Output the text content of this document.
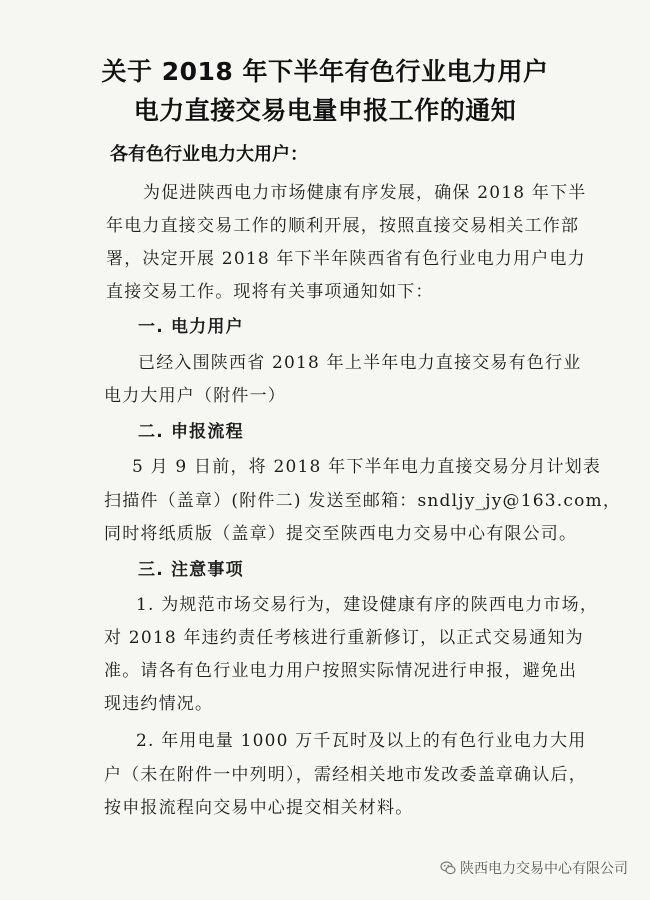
关于 2018 年下半年有色行业电力用户
电力直接交易电量申报工作的通知
各有色行业电力大用户：
为促进陕西电力市场健康有序发展，确保 2018 年下半
年电力直接交易工作的顺利开展，按照直接交易相关工作部
署，决定开展 2018 年下半年陕西省有色行业电力用户电力
直接交易工作。现将有关事项通知如下：
一. 电力用户
已经入围陕西省 2018 年上半年电力直接交易有色行业
电力大用户（附件一）
二. 申报流程
5 月 9 日前，将 2018 年下半年电力直接交易分月计划表
扫描件（盖章）(附件二) 发送至邮箱：sndljy_jy@163.com，
同时将纸质版（盖章）提交至陕西电力交易中心有限公司。
三. 注意事项
1. 为规范市场交易行为，建设健康有序的陕西电力市场，
对 2018 年违约责任考核进行重新修订，以正式交易通知为
准。请各有色行业电力用户按照实际情况进行申报，避免出
现违约情况。
2. 年用电量 1000 万千瓦时及以上的有色行业电力大用
户（未在附件一中列明），需经相关地市发改委盖章确认后，
按申报流程向交易中心提交相关材料。
陕西电力交易中心有限公司
